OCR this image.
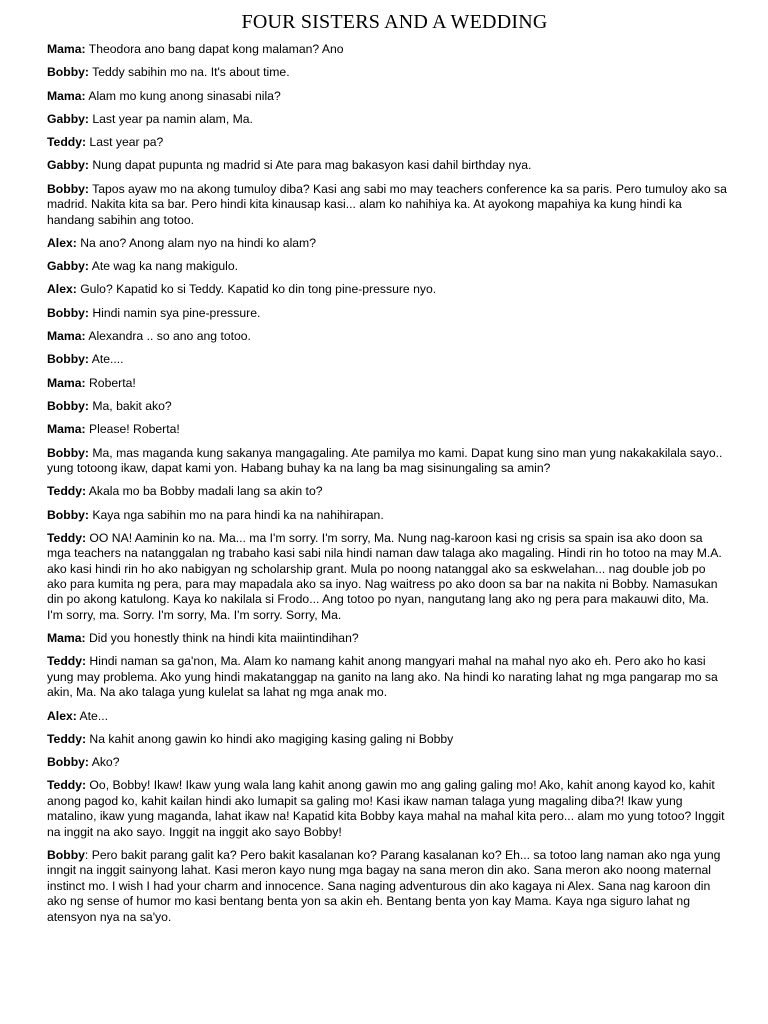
FOUR SISTERS AND A WEDDING
Mama: Theodora ano bang dapat kong malaman? Ano
Bobby: Teddy sabihin mo na. It's about time.
Mama: Alam mo kung anong sinasabi nila?
Gabby: Last year pa namin alam, Ma.
Teddy: Last year pa?
Gabby: Nung dapat pupunta ng madrid si Ate para mag bakasyon kasi dahil birthday nya.
Bobby: Tapos ayaw mo na akong tumuloy diba? Kasi ang sabi mo may teachers conference ka sa paris. Pero tumuloy ako sa madrid. Nakita kita sa bar. Pero hindi kita kinausap kasi... alam ko nahihiya ka. At ayokong mapahiya ka kung hindi ka handang sabihin ang totoo.
Alex: Na ano? Anong alam nyo na hindi ko alam?
Gabby: Ate wag ka nang makigulo.
Alex: Gulo? Kapatid ko si Teddy. Kapatid ko din tong pine-pressure nyo.
Bobby: Hindi namin sya pine-pressure.
Mama: Alexandra .. so ano ang totoo.
Bobby: Ate....
Mama: Roberta!
Bobby: Ma, bakit ako?
Mama: Please! Roberta!
Bobby: Ma, mas maganda kung sakanya mangagaling. Ate pamilya mo kami. Dapat kung sino man yung nakakakilala sayo.. yung totoong ikaw, dapat kami yon. Habang buhay ka na lang ba mag sisinungaling sa amin?
Teddy: Akala mo ba Bobby madali lang sa akin to?
Bobby: Kaya nga sabihin mo na para hindi ka na nahihirapan.
Teddy: OO NA! Aaminin ko na. Ma... ma I'm sorry. I'm sorry, Ma. Nung nag-karoon kasi ng crisis sa spain isa ako doon sa mga teachers na natanggalan ng trabaho kasi sabi nila hindi naman daw talaga ako magaling. Hindi rin ho totoo na may M.A. ako kasi hindi rin ho ako nabigyan ng scholarship grant. Mula po noong natanggal ako sa eskwelahan... nag double job po ako para kumita ng pera, para may mapadala ako sa inyo. Nag waitress po ako doon sa bar na nakita ni Bobby. Namasukan din po akong katulong. Kaya ko nakilala si Frodo... Ang totoo po nyan, nangutang lang ako ng pera para makauwi dito, Ma. I'm sorry, ma. Sorry. I'm sorry, Ma. I'm sorry. Sorry, Ma.
Mama: Did you honestly think na hindi kita maiintindihan?
Teddy: Hindi naman sa ga'non, Ma. Alam ko namang kahit anong mangyari mahal na mahal nyo ako eh. Pero ako ho kasi yung may problema. Ako yung hindi makatanggap na ganito na lang ako. Na hindi ko narating lahat ng mga pangarap mo sa akin, Ma. Na ako talaga yung kulelat sa lahat ng mga anak mo.
Alex: Ate...
Teddy: Na kahit anong gawin ko hindi ako magiging kasing galing ni Bobby
Bobby: Ako?
Teddy: Oo, Bobby! Ikaw! Ikaw yung wala lang kahit anong gawin mo ang galing galing mo! Ako, kahit anong kayod ko, kahit anong pagod ko, kahit kailan hindi ako lumapit sa galing mo! Kasi ikaw naman talaga yung magaling diba?! Ikaw yung matalino, ikaw yung maganda, lahat ikaw na! Kapatid kita Bobby kaya mahal na mahal kita pero... alam mo yung totoo? Inggit na inggit na ako sayo. Inggit na inggit ako sayo Bobby!
Bobby: Pero bakit parang galit ka? Pero bakit kasalanan ko? Parang kasalanan ko? Eh... sa totoo lang naman ako nga yung inngit na inggit sainyong lahat. Kasi meron kayo nung mga bagay na sana meron din ako. Sana meron ako noong maternal instinct mo. I wish I had your charm and innocence. Sana naging adventurous din ako kagaya ni Alex. Sana nag karoon din ako ng sense of humor mo kasi bentang benta yon sa akin eh. Bentang benta yon kay Mama. Kaya nga siguro lahat ng atensyon nya na sa'yo.
